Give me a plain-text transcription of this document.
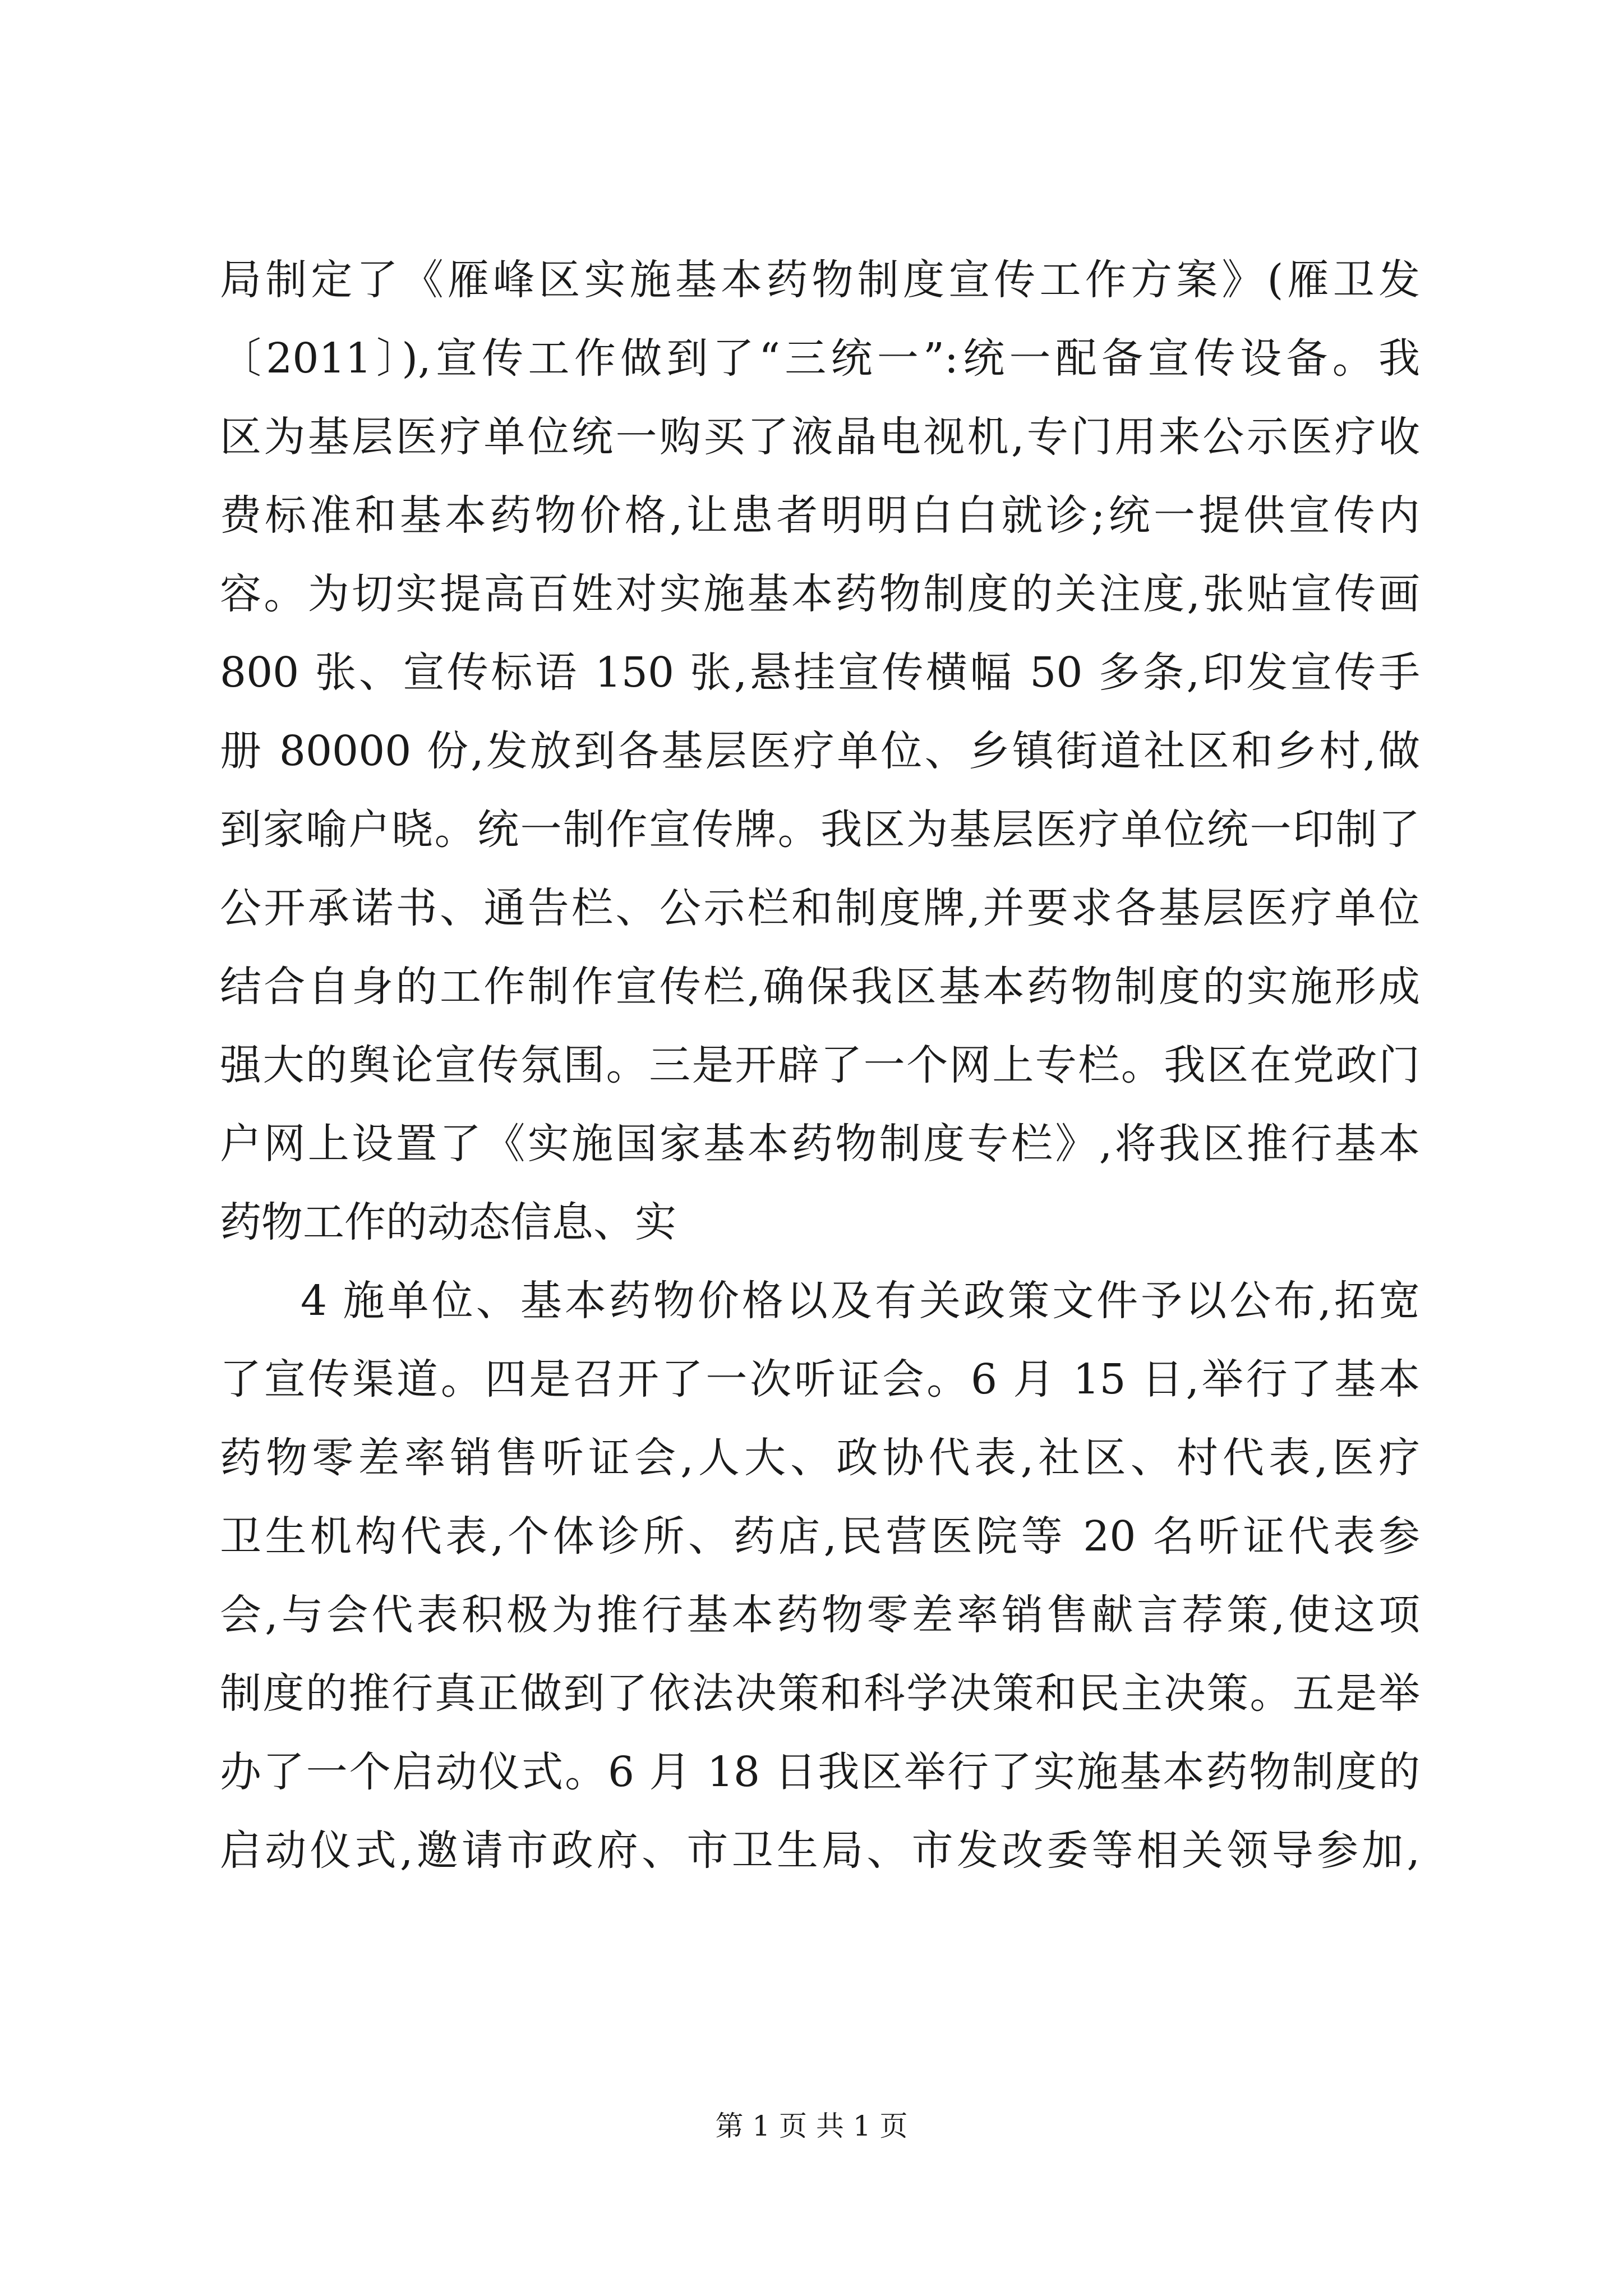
局制定了《雁峰区实施基本药物制度宣传工作方案》(雁卫发
〔2011〕),宣传工作做到了“三统一”:统一配备宣传设备。我
区为基层医疗单位统一购买了液晶电视机,专门用来公示医疗收
费标准和基本药物价格,让患者明明白白就诊;统一提供宣传内
容。为切实提高百姓对实施基本药物制度的关注度,张贴宣传画
800 张、宣传标语 150 张,悬挂宣传横幅 50 多条,印发宣传手
册 80000 份,发放到各基层医疗单位、乡镇街道社区和乡村,做
到家喻户晓。统一制作宣传牌。我区为基层医疗单位统一印制了
公开承诺书、通告栏、公示栏和制度牌,并要求各基层医疗单位
结合自身的工作制作宣传栏,确保我区基本药物制度的实施形成
强大的舆论宣传氛围。三是开辟了一个网上专栏。我区在党政门
户网上设置了《实施国家基本药物制度专栏》,将我区推行基本
药物工作的动态信息、实
4 施单位、基本药物价格以及有关政策文件予以公布,拓宽
了宣传渠道。四是召开了一次听证会。6 月 15 日,举行了基本
药物零差率销售听证会,人大、政协代表,社区、村代表,医疗
卫生机构代表,个体诊所、药店,民营医院等 20 名听证代表参
会,与会代表积极为推行基本药物零差率销售献言荐策,使这项
制度的推行真正做到了依法决策和科学决策和民主决策。五是举
办了一个启动仪式。6 月 18 日我区举行了实施基本药物制度的
启动仪式,邀请市政府、市卫生局、市发改委等相关领导参加,
第 1 页 共 1 页
